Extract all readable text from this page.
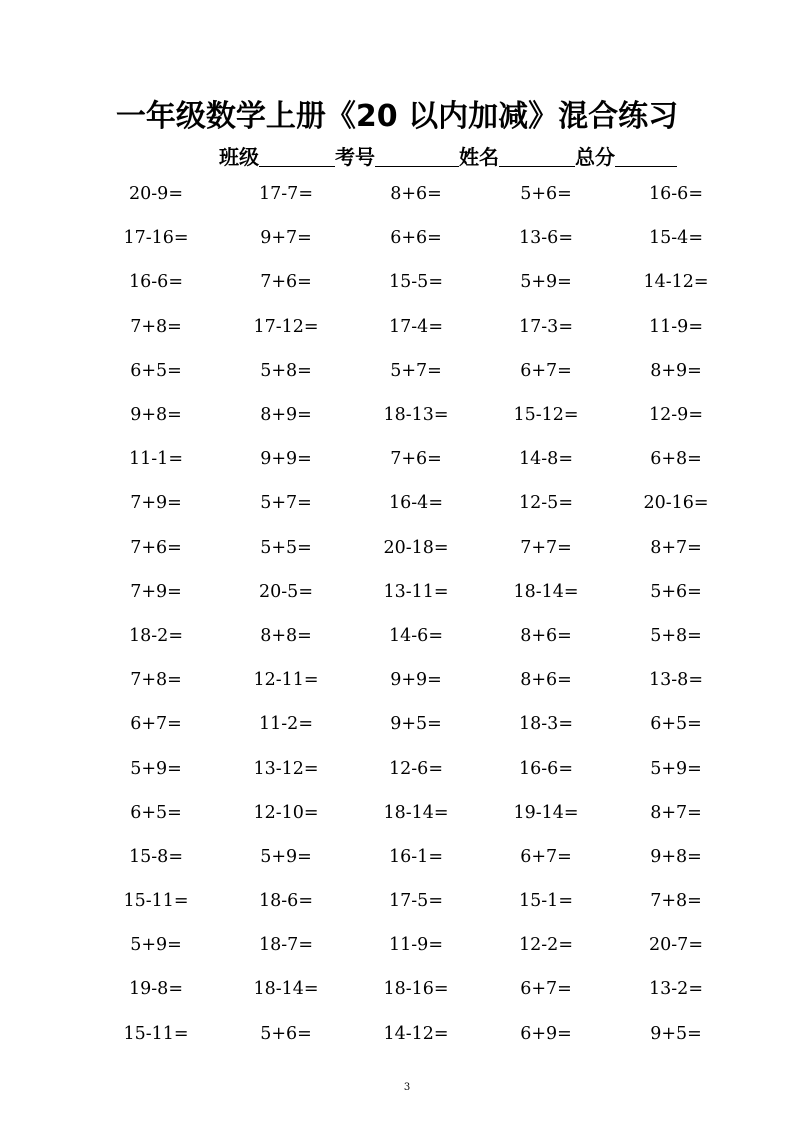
一年级数学上册《20 以内加减》混合练习
班级	考号	姓名	总分
20-9=	17-7=	8+6=	5+6=	16-6=
17-16=	9+7=	6+6=	13-6=	15-4=
16-6=	7+6=	15-5=	5+9=	14-12=
7+8=	17-12=	17-4=	17-3=	11-9=
6+5=	5+8=	5+7=	6+7=	8+9=
9+8=	8+9=	18-13=	15-12=	12-9=
11-1=	9+9=	7+6=	14-8=	6+8=
7+9=	5+7=	16-4=	12-5=	20-16=
7+6=	5+5=	20-18=	7+7=	8+7=
7+9=	20-5=	13-11=	18-14=	5+6=
18-2=	8+8=	14-6=	8+6=	5+8=
7+8=	12-11=	9+9=	8+6=	13-8=
6+7=	11-2=	9+5=	18-3=	6+5=
5+9=	13-12=	12-6=	16-6=	5+9=
6+5=	12-10=	18-14=	19-14=	8+7=
15-8=	5+9=	16-1=	6+7=	9+8=
15-11=	18-6=	17-5=	15-1=	7+8=
5+9=	18-7=	11-9=	12-2=	20-7=
19-8=	18-14=	18-16=	6+7=	13-2=
15-11=	5+6=	14-12=	6+9=	9+5=
3
